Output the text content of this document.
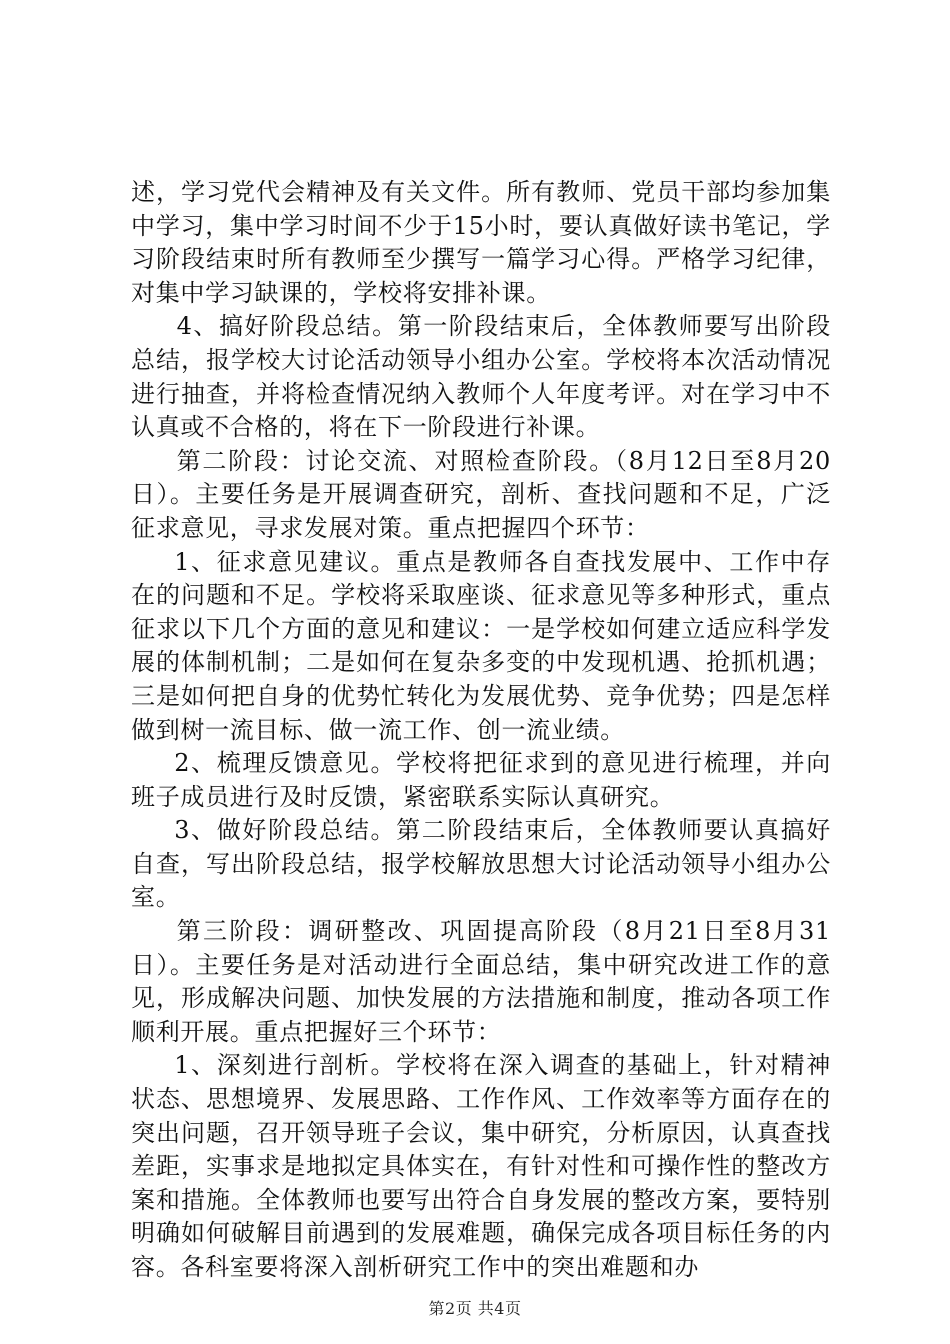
述，学习党代会精神及有关文件。所有教师、党员干部均参加集中学习，集中学习时间不少于15小时，要认真做好读书笔记，学习阶段结束时所有教师至少撰写一篇学习心得。严格学习纪律，对集中学习缺课的，学校将安排补课。

4、搞好阶段总结。第一阶段结束后，全体教师要写出阶段总结，报学校大讨论活动领导小组办公室。学校将本次活动情况进行抽查，并将检查情况纳入教师个人年度考评。对在学习中不认真或不合格的，将在下一阶段进行补课。

第二阶段：讨论交流、对照检查阶段。（8月12日至8月20日）。主要任务是开展调查研究，剖析、查找问题和不足，广泛征求意见，寻求发展对策。重点把握四个环节：

1、征求意见建议。重点是教师各自查找发展中、工作中存在的问题和不足。学校将采取座谈、征求意见等多种形式，重点征求以下几个方面的意见和建议：一是学校如何建立适应科学发展的体制机制；二是如何在复杂多变的中发现机遇、抢抓机遇；三是如何把自身的优势忙转化为发展优势、竞争优势；四是怎样做到树一流目标、做一流工作、创一流业绩。

2、梳理反馈意见。学校将把征求到的意见进行梳理，并向班子成员进行及时反馈，紧密联系实际认真研究。

3、做好阶段总结。第二阶段结束后，全体教师要认真搞好自查，写出阶段总结，报学校解放思想大讨论活动领导小组办公室。

第三阶段：调研整改、巩固提高阶段（8月21日至8月31日）。主要任务是对活动进行全面总结，集中研究改进工作的意见，形成解决问题、加快发展的方法措施和制度，推动各项工作顺利开展。重点把握好三个环节：

1、深刻进行剖析。学校将在深入调查的基础上，针对精神状态、思想境界、发展思路、工作作风、工作效率等方面存在的突出问题，召开领导班子会议，集中研究，分析原因，认真查找差距，实事求是地拟定具体实在，有针对性和可操作性的整改方案和措施。全体教师也要写出符合自身发展的整改方案，要特别明确如何破解目前遇到的发展难题，确保完成各项目标任务的内容。各科室要将深入剖析研究工作中的突出难题和办

第2页 共4页
